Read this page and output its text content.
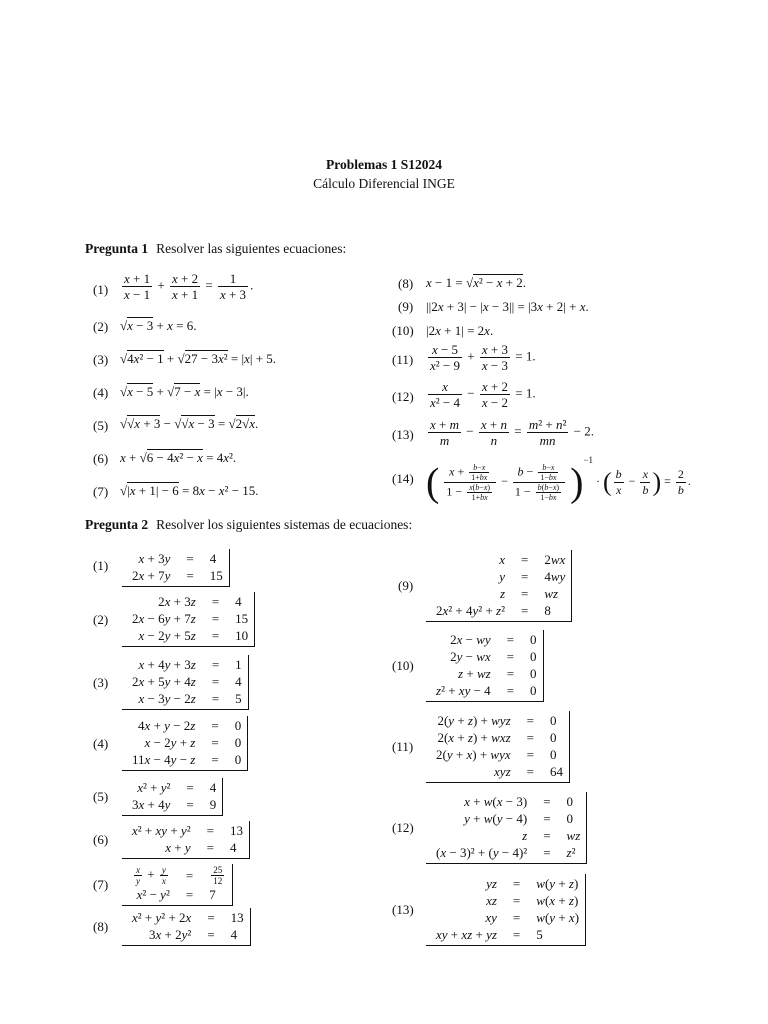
Problemas 1 S12024
Cálculo Diferencial INGE
Pregunta 1 Resolver las siguientes ecuaciones:
$(1) \frac{x + 1}{x - 1} + \frac{x + 2}{x + 1} = \frac{1}{x + 3}$ .
(2) √x − 3 + x = 6.
(3) √4x² − 1 + √27 − 3x² = |x| + 5.
(4) √x − 5 + √7 − x = |x − 3|.
(5) √√x + 3 − √√x − 3 = √2√x.
(6) x + √6 − 4x² − x = 4x².
(7) √|x + 1| − 6 = 8x − x² − 15.
(8) x − 1 = √x² − x + 2.
(9) ||2x + 3| − |x − 3|| = |3x + 2| + x.
(10) |2x + 1| = 2x.
$(11) \frac{x - 5}{\text{x² − 9}} + \frac{x + 3}{x - 3} = 1$.
$(12) \frac{x}{\text{x² − 4}} - \frac{x + 2}{x - 2} = 1$.
$(13) \frac{x + m}{m} - \frac{x + n}{n} = \frac{\text{m² + n²}}{mn} - 2$.
(14) ( $\frac{x + \frac{b-x}{1+bx}}{1 - \frac{x(b-x)}{1+bx}} - \frac{b - \frac{b-x}{1-bx}}{1 - \frac{b(b-x)}{1-bx}} )^{-1}$ · ( $\frac{b}{x} - \frac{x}{b}$ ) = $\frac{2}{b}$ .
Pregunta 2 Resolver los siguientes sistemas de ecuaciones:
(1) x + 3y	=	4
2x + 7y	=	15
(2)
2x + 3z	=	4
2x − 6y + 7z	=	15
x − 2y + 5z	=	10
(3)
x + 4y + 3z	=	1
2x + 5y + 4z	=	4
x − 3y − 2z	=	5
(4)
4x + y − 2z	=	0
x − 2y + z	=	0
11x − 4y − z	=	0
(5)
x² + y²	=	4
3x + 4y	=	9
(6)
x² + xy + y²	=	13
x + y	=	4
(7)	$\frac{x}{y} + \frac{y}{x}$	=	$\frac{25}{12}$

x² − y²	=	7
(8)
x² + y² + 2x	=	13
3x + 2y²	=	4
(9)
x	=	2wx
y	=	4wy
z	=	wz
2x² + 4y² + z²	=	8
(10)
2x − wy	=	0
2y − wx	=	0
z + wz	=	0
z² + xy − 4	=	0
(11)
2(y + z) + wyz	=	0
2(x + z) + wxz	=	0
2(y + x) + wyx	=	0
xyz	=	64
(12)
x + w(x − 3)	=	0
y + w(y − 4)	=	0
z	=	wz
(x − 3)² + (y − 4)²	=	z²
(13)
yz	=	w(y + z)
xz	=	w(x + z)
xy	=	w(y + x)
xy + xz + yz	=	5
